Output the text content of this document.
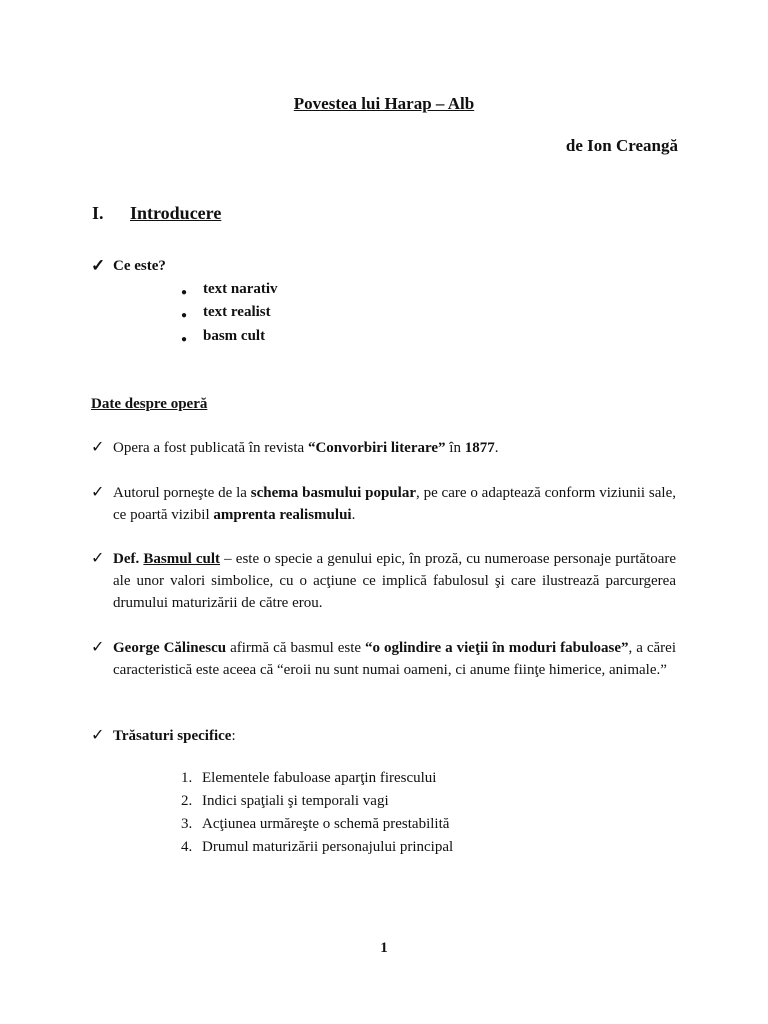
Povestea lui Harap – Alb
de Ion Creangă
I. Introducere
✓ Ce este?
● text narativ
● text realist
● basm cult
Date despre operă
✓ Opera a fost publicată în revista “Convorbiri literare” în 1877.
✓ Autorul porneşte de la schema basmului popular, pe care o adaptează conform viziunii sale, ce poartă vizibil amprenta realismului.
✓ Def. Basmul cult – este o specie a genului epic, în proză, cu numeroase personaje purtătoare ale unor valori simbolice, cu o acţiune ce implică fabulosul şi care ilustrează parcurgerea drumului maturizării de către erou.
✓ George Călinescu afirmă că basmul este “o oglindire a vieţii în moduri fabuloase”, a cărei caracteristică este aceea că “eroii nu sunt numai oameni, ci anume fiinţe himerice, animale.”
✓ Trăsaturi specifice:
1. Elementele fabuloase aparţin firescului
2. Indici spaţiali şi temporali vagi
3. Acţiunea urmăreşte o schemă prestabilită
4. Drumul maturizării personajului principal
1
